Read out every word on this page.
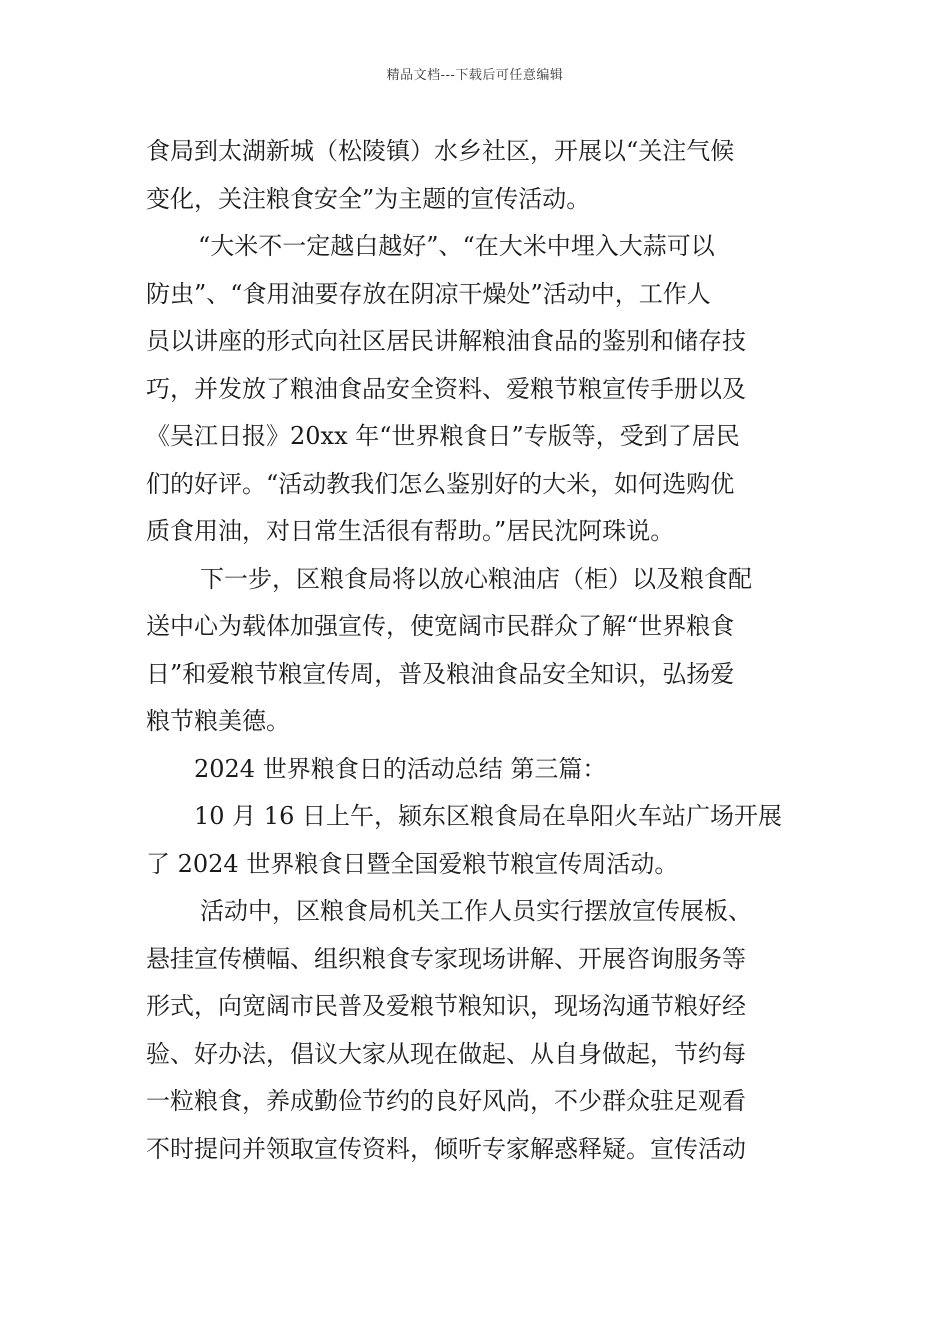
精品文档---下载后可任意编辑
食局到太湖新城（松陵镇）水乡社区，开展以“关注气候
变化，关注粮食安全”为主题的宣传活动。
“大米不一定越白越好”、“在大米中埋入大蒜可以
防虫”、“食用油要存放在阴凉干燥处”活动中，工作人
员以讲座的形式向社区居民讲解粮油食品的鉴别和储存技
巧，并发放了粮油食品安全资料、爱粮节粮宣传手册以及
《吴江日报》20xx 年“世界粮食日”专版等，受到了居民
们的好评。“活动教我们怎么鉴别好的大米，如何选购优
质食用油，对日常生活很有帮助。”居民沈阿珠说。
下一步，区粮食局将以放心粮油店（柜）以及粮食配
送中心为载体加强宣传，使宽阔市民群众了解“世界粮食
日”和爱粮节粮宣传周，普及粮油食品安全知识，弘扬爱
粮节粮美德。
2024 世界粮食日的活动总结 第三篇：
10 月 16 日上午，颍东区粮食局在阜阳火车站广场开展
了 2024 世界粮食日暨全国爱粮节粮宣传周活动。
活动中，区粮食局机关工作人员实行摆放宣传展板、
悬挂宣传横幅、组织粮食专家现场讲解、开展咨询服务等
形式，向宽阔市民普及爱粮节粮知识，现场沟通节粮好经
验、好办法，倡议大家从现在做起、从自身做起，节约每
一粒粮食，养成勤俭节约的良好风尚，不少群众驻足观看
不时提问并领取宣传资料，倾听专家解惑释疑。宣传活动
